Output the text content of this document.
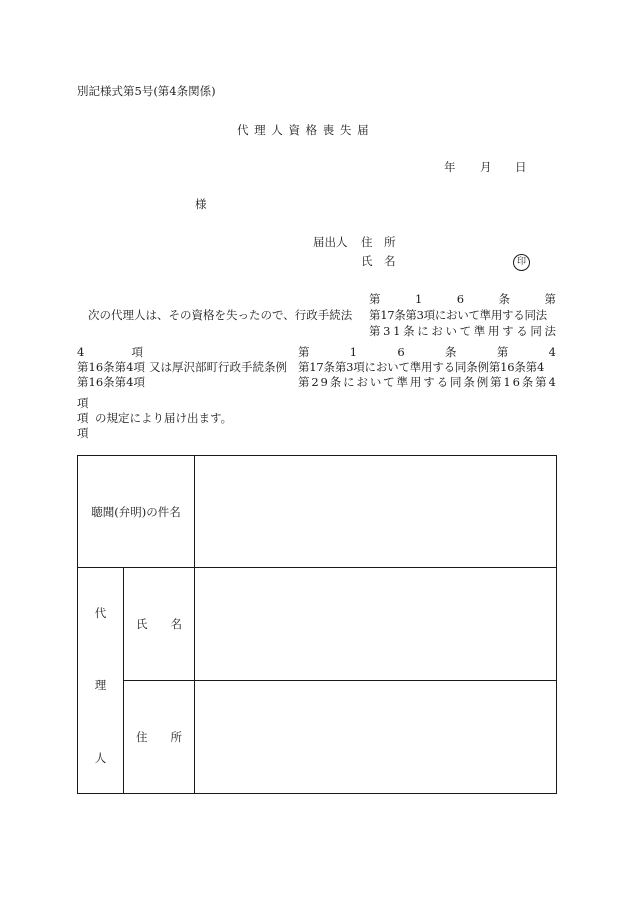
別記様式第5号(第4条関係)
代 理 人 資 格 喪 失 届
年 月 日
様
届出人 住　所
氏　名	印
第	1	6	条	第
次の代理人は、その資格を失ったので、行政手続法 第17条第3項において準用する同法
第 3 1 条 に お い て 準 用 す る 同 法
4	項	第	1	6	条	第	4
第16条第4項 又は厚沢部町行政手続条例 第17条第3項において準用する同条例第16条第4
第16条第4項	第 2 9 条 に お い て 準 用 す る 同 条 例 第 1 6 条 第 4
項
項 の規定により届け出ます。
項
聴聞(弁明)の件名		

代
理
人	氏　　名	
	住　　所	
